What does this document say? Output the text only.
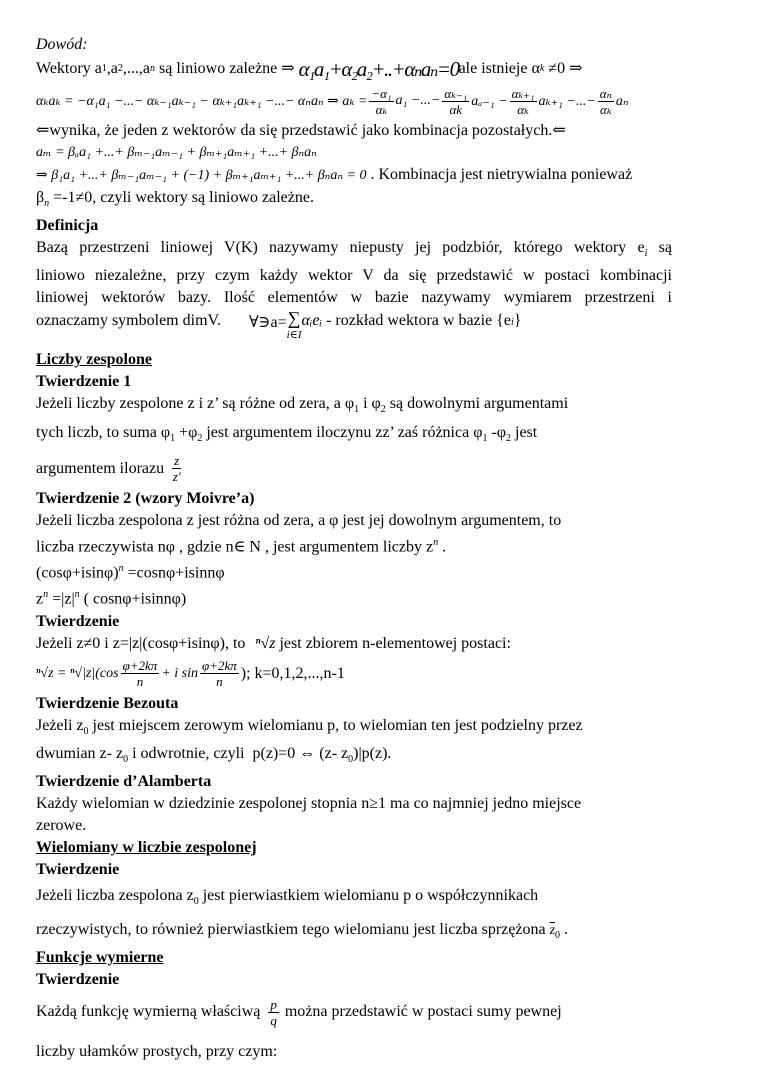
Dowód:
Wektory a 1 ,a 2 ,...,a n są liniowo zależne ⇒ α₁a₁+α₂a₂+..+αₙaₙ=0 ale istnieje α k ≠0 ⇒
αₖaₖ = −α₁a₁ −...− αₖ₋₁aₖ₋₁ − αₖ₊₁aₖ₊₁ −...− αₙaₙ ⇒ $a_k = \frac{\text{−α₁}}{\text{αₖ}} a_1$ −...− $\frac{\text{αₖ₋₁}}{\alpha k} a_{a-1} - \frac{\text{αₖ₊₁}}{\text{αₖ}} a_{k+1}$ −...− $\frac{\text{αₙ}}{\text{αₖ}}$ aₙ
⇐wynika, że jeden z wektorów da się przedstawić jako kombinacja pozostałych.⇐
aₘ = βₐa₁ +...+ βₘ₋₁aₘ₋₁ + βₘ₊₁aₘ₊₁ +...+ βₙaₙ
⇒ β₁a₁ +...+ βₘ₋₁aₘ₋₁ + (−1) + βₘ₊₁aₘ₊₁ +...+ βₙaₙ = 0 . Kombinacja jest nietrywialna ponieważ
$\beta_n =-1\ne 0$, czyli wektory są liniowo zależne.
Definicja
Bazą przestrzeni liniowej V(K) nazywamy niepusty jej podzbiór, którego wektory $e_i$ są
liniowo niezależne, przy czym każdy wektor V da się przedstawić w postaci kombinacji
liniowej wektorów bazy. Ilość elementów w bazie nazywamy wymiarem przestrzeni i
oznaczamy symbolem dimV. ∀∋a= ∑
i∈I
αᵢeᵢ - rozkład wektora w bazie {e i }
Liczby zespolone
Twierdzenie 1
Jeżeli liczby zespolone z i z’ są różne od zera, a $\varphi_1$ i $\varphi_2$ są dowolnymi argumentami
tych liczb, to suma $\varphi_1 +\varphi_2$ jest argumentem iloczynu zz’ zaś różnica $\varphi_1$ $-\varphi_2$ jest
argumentem ilorazu $\frac{z}{z'}$
Twierdzenie 2 (wzory Moivre’a)
Jeżeli liczba zespolona z jest różna od zera, a φ jest jej dowolnym argumentem, to
liczba rzeczywista nφ , gdzie n∈ N , jest argumentem liczby $z^n$ .
$(\cos\varphi+isin\varphi)^n =\cos n\varphi+isinn\varphi$
$z^n =|z|^n$ ( cosnφ+isinnφ)
Twierdzenie
Jeżeli z≠0 i z=|z|(cosφ+isinφ), to ⁿ√z jest zbiorem n-elementowej postaci:
$^n√z = ^n√|z|(\cos \frac{\varphi+2k\pi}{n} + i$ $\sin \frac{\varphi+2k\pi}{n}$ ); k=0,1,2,...,n-1
Twierdzenie Bezouta
Jeżeli $z_0$ jest miejscem zerowym wielomianu p, to wielomian ten jest podzielny przez
dwumian z- $z_0$ i odwrotnie, czyli  p(z)=0 ⇔ (z- $z_0)|p(z)$.
Twierdzenie d’Alamberta
Każdy wielomian w dziedzinie zespolonej stopnia n≥1 ma co najmniej jedno miejsce
zerowe.
Wielomiany w liczbie zespolonej
Twierdzenie
Jeżeli liczba zespolona $z_0$ jest pierwiastkiem wielomianu p o współczynnikach
rzeczywistych, to również pierwiastkiem tego wielomianu jest liczba sprzężona $\overline{z}_0$ .
Funkcje wymierne
Twierdzenie
Każdą funkcję wymierną właściwą $\frac{p}{q}$ można przedstawić w postaci sumy pewnej
liczby ułamków prostych, przy czym:
